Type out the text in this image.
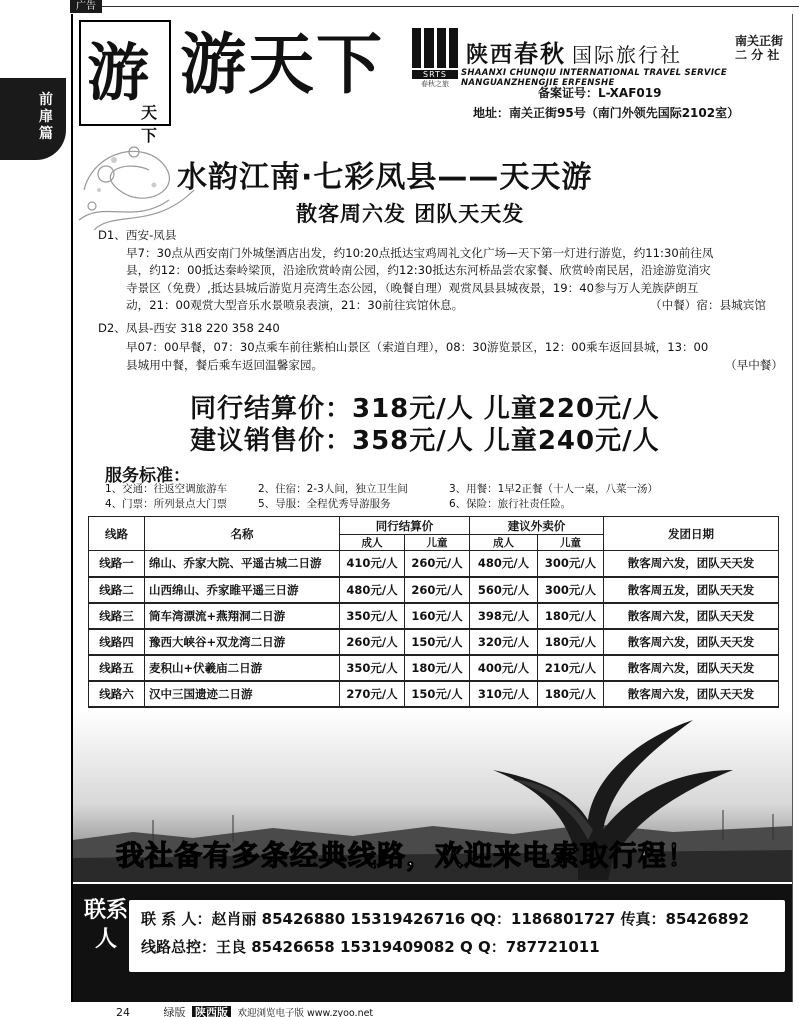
广告
前扉篇
游
天下
游天下	SRTS
春秋之旅
陕西春秋 国际旅行社
南关正街
二 分 社
SHAANXI CHUNQIU INTERNATIONAL TRAVEL SERVICE NANGUANZHENGJIE ERFENSHE
备案证号：L-XAF019
地址：南关正街95号（南门外领先国际2102室）
水韵江南·七彩凤县——天天游
散客周六发 团队天天发
D1、西安-凤县
早7：30点从西安南门外城堡酒店出发，约10:20点抵达宝鸡周礼文化广场—天下第一灯进行游览，约11:30前往凤
县，约12：00抵达秦岭梁顶，沿途欣赏岭南公园，约12:30抵达东河桥品尝农家餐、欣赏岭南民居，沿途游览消灾
寺景区（免费）,抵达县城后游览月亮湾生态公园，（晚餐自理）观赏凤县县城夜景，19：40参与万人羌族萨朗互
动，21：00观赏大型音乐水景喷泉表演，21：30前往宾馆休息。	（中餐）宿：县城宾馆
D2、凤县-西安 318 220 358 240
早07：00早餐，07：30点乘车前往紫柏山景区（索道自理），08：30游览景区，12：00乘车返回县城，13：00
县城用中餐，餐后乘车返回温馨家园。	（早中餐）
同行结算价：318元/人 儿童220元/人
建议销售价：358元/人 儿童240元/人
服务标准：
1、交通：往返空调旅游车	2、住宿：2-3人间，独立卫生间	3、用餐：1早2正餐（十人一桌，八菜一汤）
4、门票：所列景点大门票	5、导服：全程优秀导游服务	6、保险：旅行社责任险。
线路	名称	同行结算价		建议外卖价		发团日期
		成人	儿童	成人	儿童	
线路一	绵山、乔家大院、平遥古城二日游	410元/人	260元/人	480元/人	300元/人	散客周六发，团队天天发
线路二	山西绵山、乔家睢平遥三日游	480元/人	260元/人	560元/人	300元/人	散客周五发，团队天天发
线路三	筒车湾漂流+燕翔洞二日游	350元/人	160元/人	398元/人	180元/人	散客周六发，团队天天发
线路四	豫西大峡谷+双龙湾二日游	260元/人	150元/人	320元/人	180元/人	散客周六发，团队天天发
线路五	麦积山+伏羲庙二日游	350元/人	180元/人	400元/人	210元/人	散客周六发，团队天天发
线路六	汉中三国遗迹二日游	270元/人	150元/人	310元/人	180元/人	散客周六发，团队天天发
我社备有多条经典线路，欢迎来电索取行程！
联系人
联 系 人：赵肖丽 85426880 15319426716 QQ：1186801727 传真：85426892
线路总控：王良 85426658 15319409082 Q Q：787721011
24	绿版 陕西版 欢迎浏览电子版 www.zyoo.net
